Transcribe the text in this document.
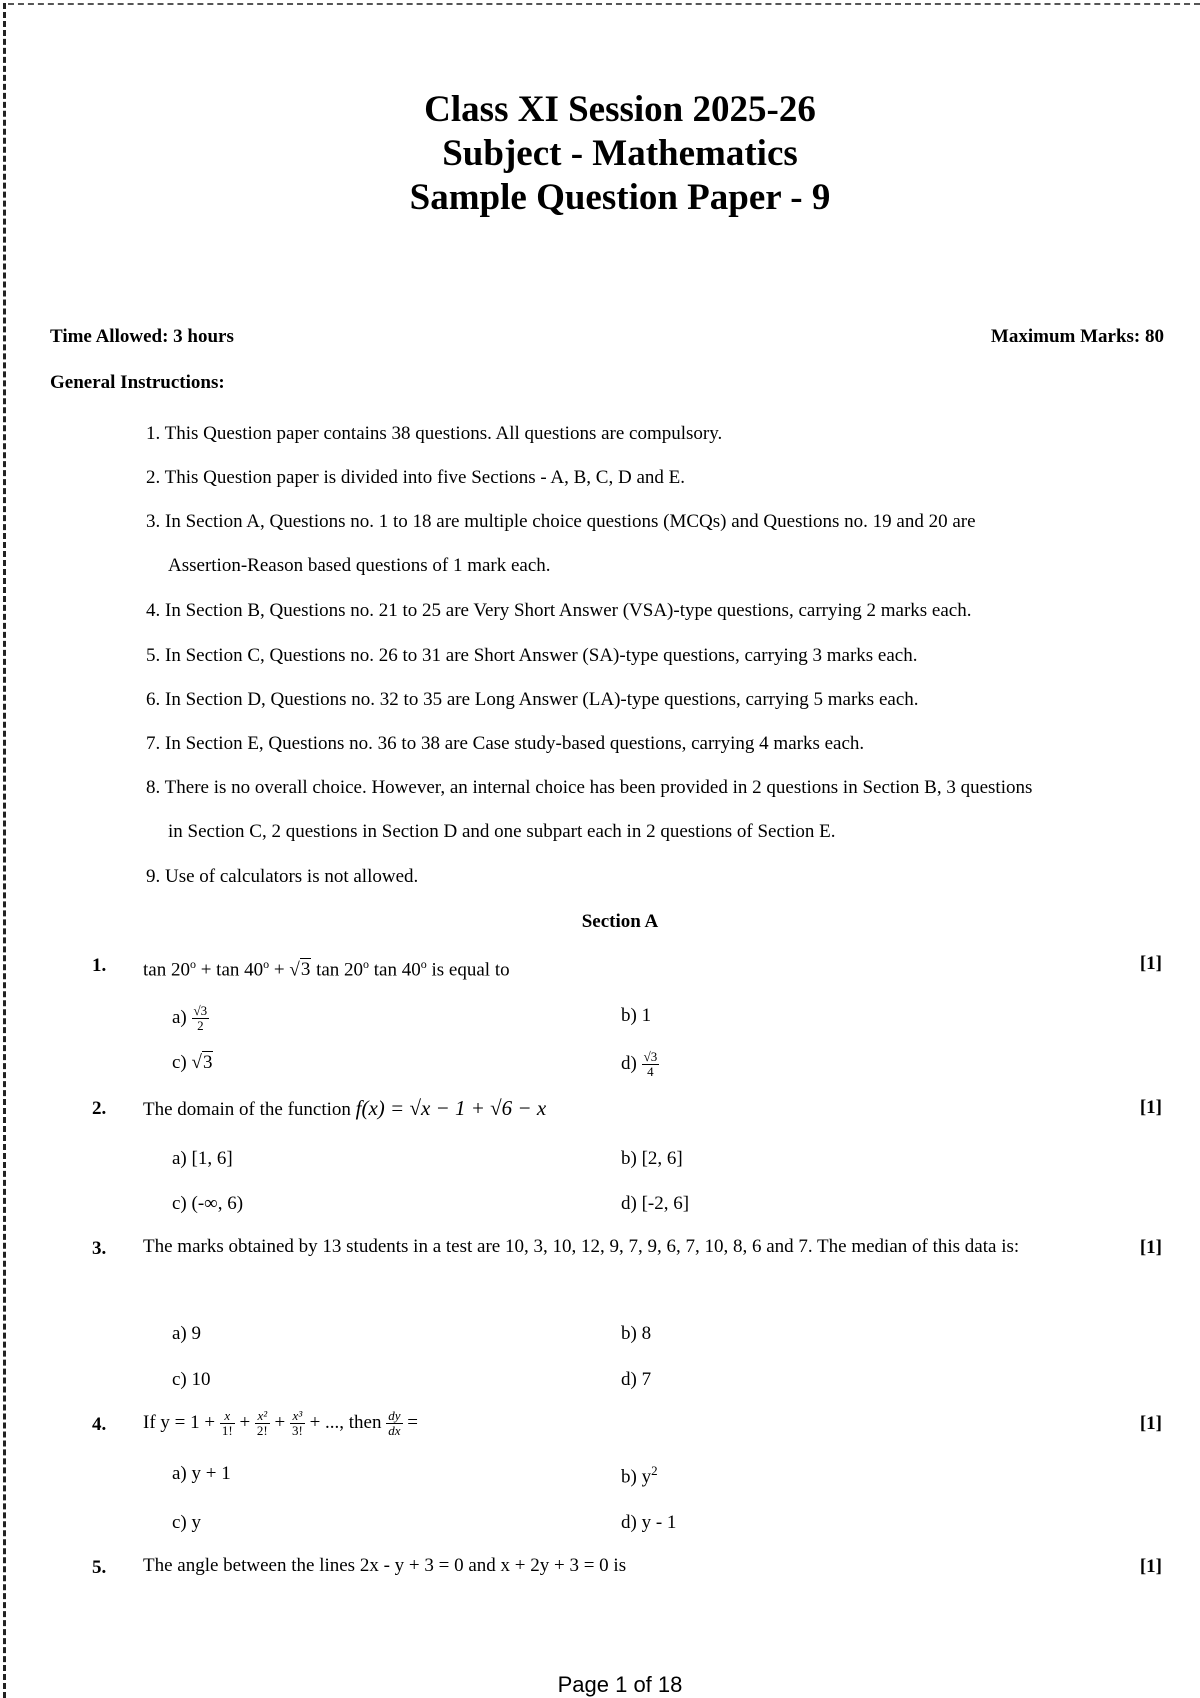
Class XI Session 2025-26
Subject - Mathematics
Sample Question Paper - 9
Time Allowed: 3 hours	Maximum Marks: 80
General Instructions:
1. This Question paper contains 38 questions. All questions are compulsory.
2. This Question paper is divided into five Sections - A, B, C, D and E.
3. In Section A, Questions no. 1 to 18 are multiple choice questions (MCQs) and Questions no. 19 and 20 are
Assertion-Reason based questions of 1 mark each.
4. In Section B, Questions no. 21 to 25 are Very Short Answer (VSA)-type questions, carrying 2 marks each.
5. In Section C, Questions no. 26 to 31 are Short Answer (SA)-type questions, carrying 3 marks each.
6. In Section D, Questions no. 32 to 35 are Long Answer (LA)-type questions, carrying 5 marks each.
7. In Section E, Questions no. 36 to 38 are Case study-based questions, carrying 4 marks each.
8. There is no overall choice. However, an internal choice has been provided in 2 questions in Section B, 3 questions
in Section C, 2 questions in Section D and one subpart each in 2 questions of Section E.
9. Use of calculators is not allowed.
Section A
1. $\tan 20^o + \tan 40^o + √3$ tan 20$^o$ tan 40$^o$ is equal to	[1]
$a) \frac{√3}{2}$	b) 1
c) √3	$d) \frac{√3}{4}$
2. The domain of the function f(x) = √x − 1 + √6 − x	[1]
a) [1, 6]	b) [2, 6]
c) (-∞, 6)	d) [-2, 6]
3. The marks obtained by 13 students in a test are 10, 3, 10, 12, 9, 7, 9, 6, 7, 10, 8, 6 and 7. The median of this data is:	[1]
a) 9	b) 8
c) 10	d) 7
4. If $y = 1 + \frac{x}{1!} + \frac{\text{x²}}{2!} + \frac{\text{x³}}{3!}$ + ..., then $\frac{dy}{dx}$ =	[1]
a) y + 1	b) $y^2$
c) y	d) y - 1
5. The angle between the lines 2x - y + 3 = 0 and x + 2y + 3 = 0 is	[1]
Page 1 of 18
